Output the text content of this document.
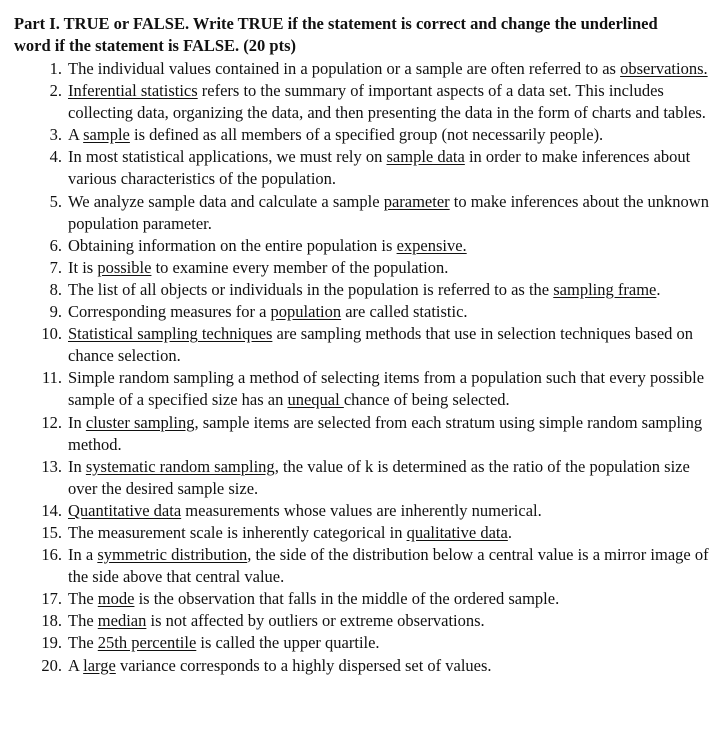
Part I. TRUE or FALSE. Write TRUE if the statement is correct and change the underlined
word if the statement is FALSE. (20 pts)
1. The individual values contained in a population or a sample are often referred to as observations.
2. Inferential statistics refers to the summary of important aspects of a data set. This includes collecting data, organizing the data, and then presenting the data in the form of charts and tables.
3. A sample is defined as all members of a specified group (not necessarily people).
4. In most statistical applications, we must rely on sample data in order to make inferences about various characteristics of the population.
5. We analyze sample data and calculate a sample parameter to make inferences about the unknown population parameter.
6. Obtaining information on the entire population is expensive.
7. It is possible to examine every member of the population.
8. The list of all objects or individuals in the population is referred to as the sampling frame.
9. Corresponding measures for a population are called statistic.
10. Statistical sampling techniques are sampling methods that use in selection techniques based on chance selection.
11. Simple random sampling a method of selecting items from a population such that every possible sample of a specified size has an unequal chance of being selected.
12. In cluster sampling, sample items are selected from each stratum using simple random sampling method.
13. In systematic random sampling, the value of k is determined as the ratio of the population size over the desired sample size.
14. Quantitative data measurements whose values are inherently numerical.
15. The measurement scale is inherently categorical in qualitative data.
16. In a symmetric distribution, the side of the distribution below a central value is a mirror image of the side above that central value.
17. The mode is the observation that falls in the middle of the ordered sample.
18. The median is not affected by outliers or extreme observations.
19. The 25th percentile is called the upper quartile.
20. A large variance corresponds to a highly dispersed set of values.
